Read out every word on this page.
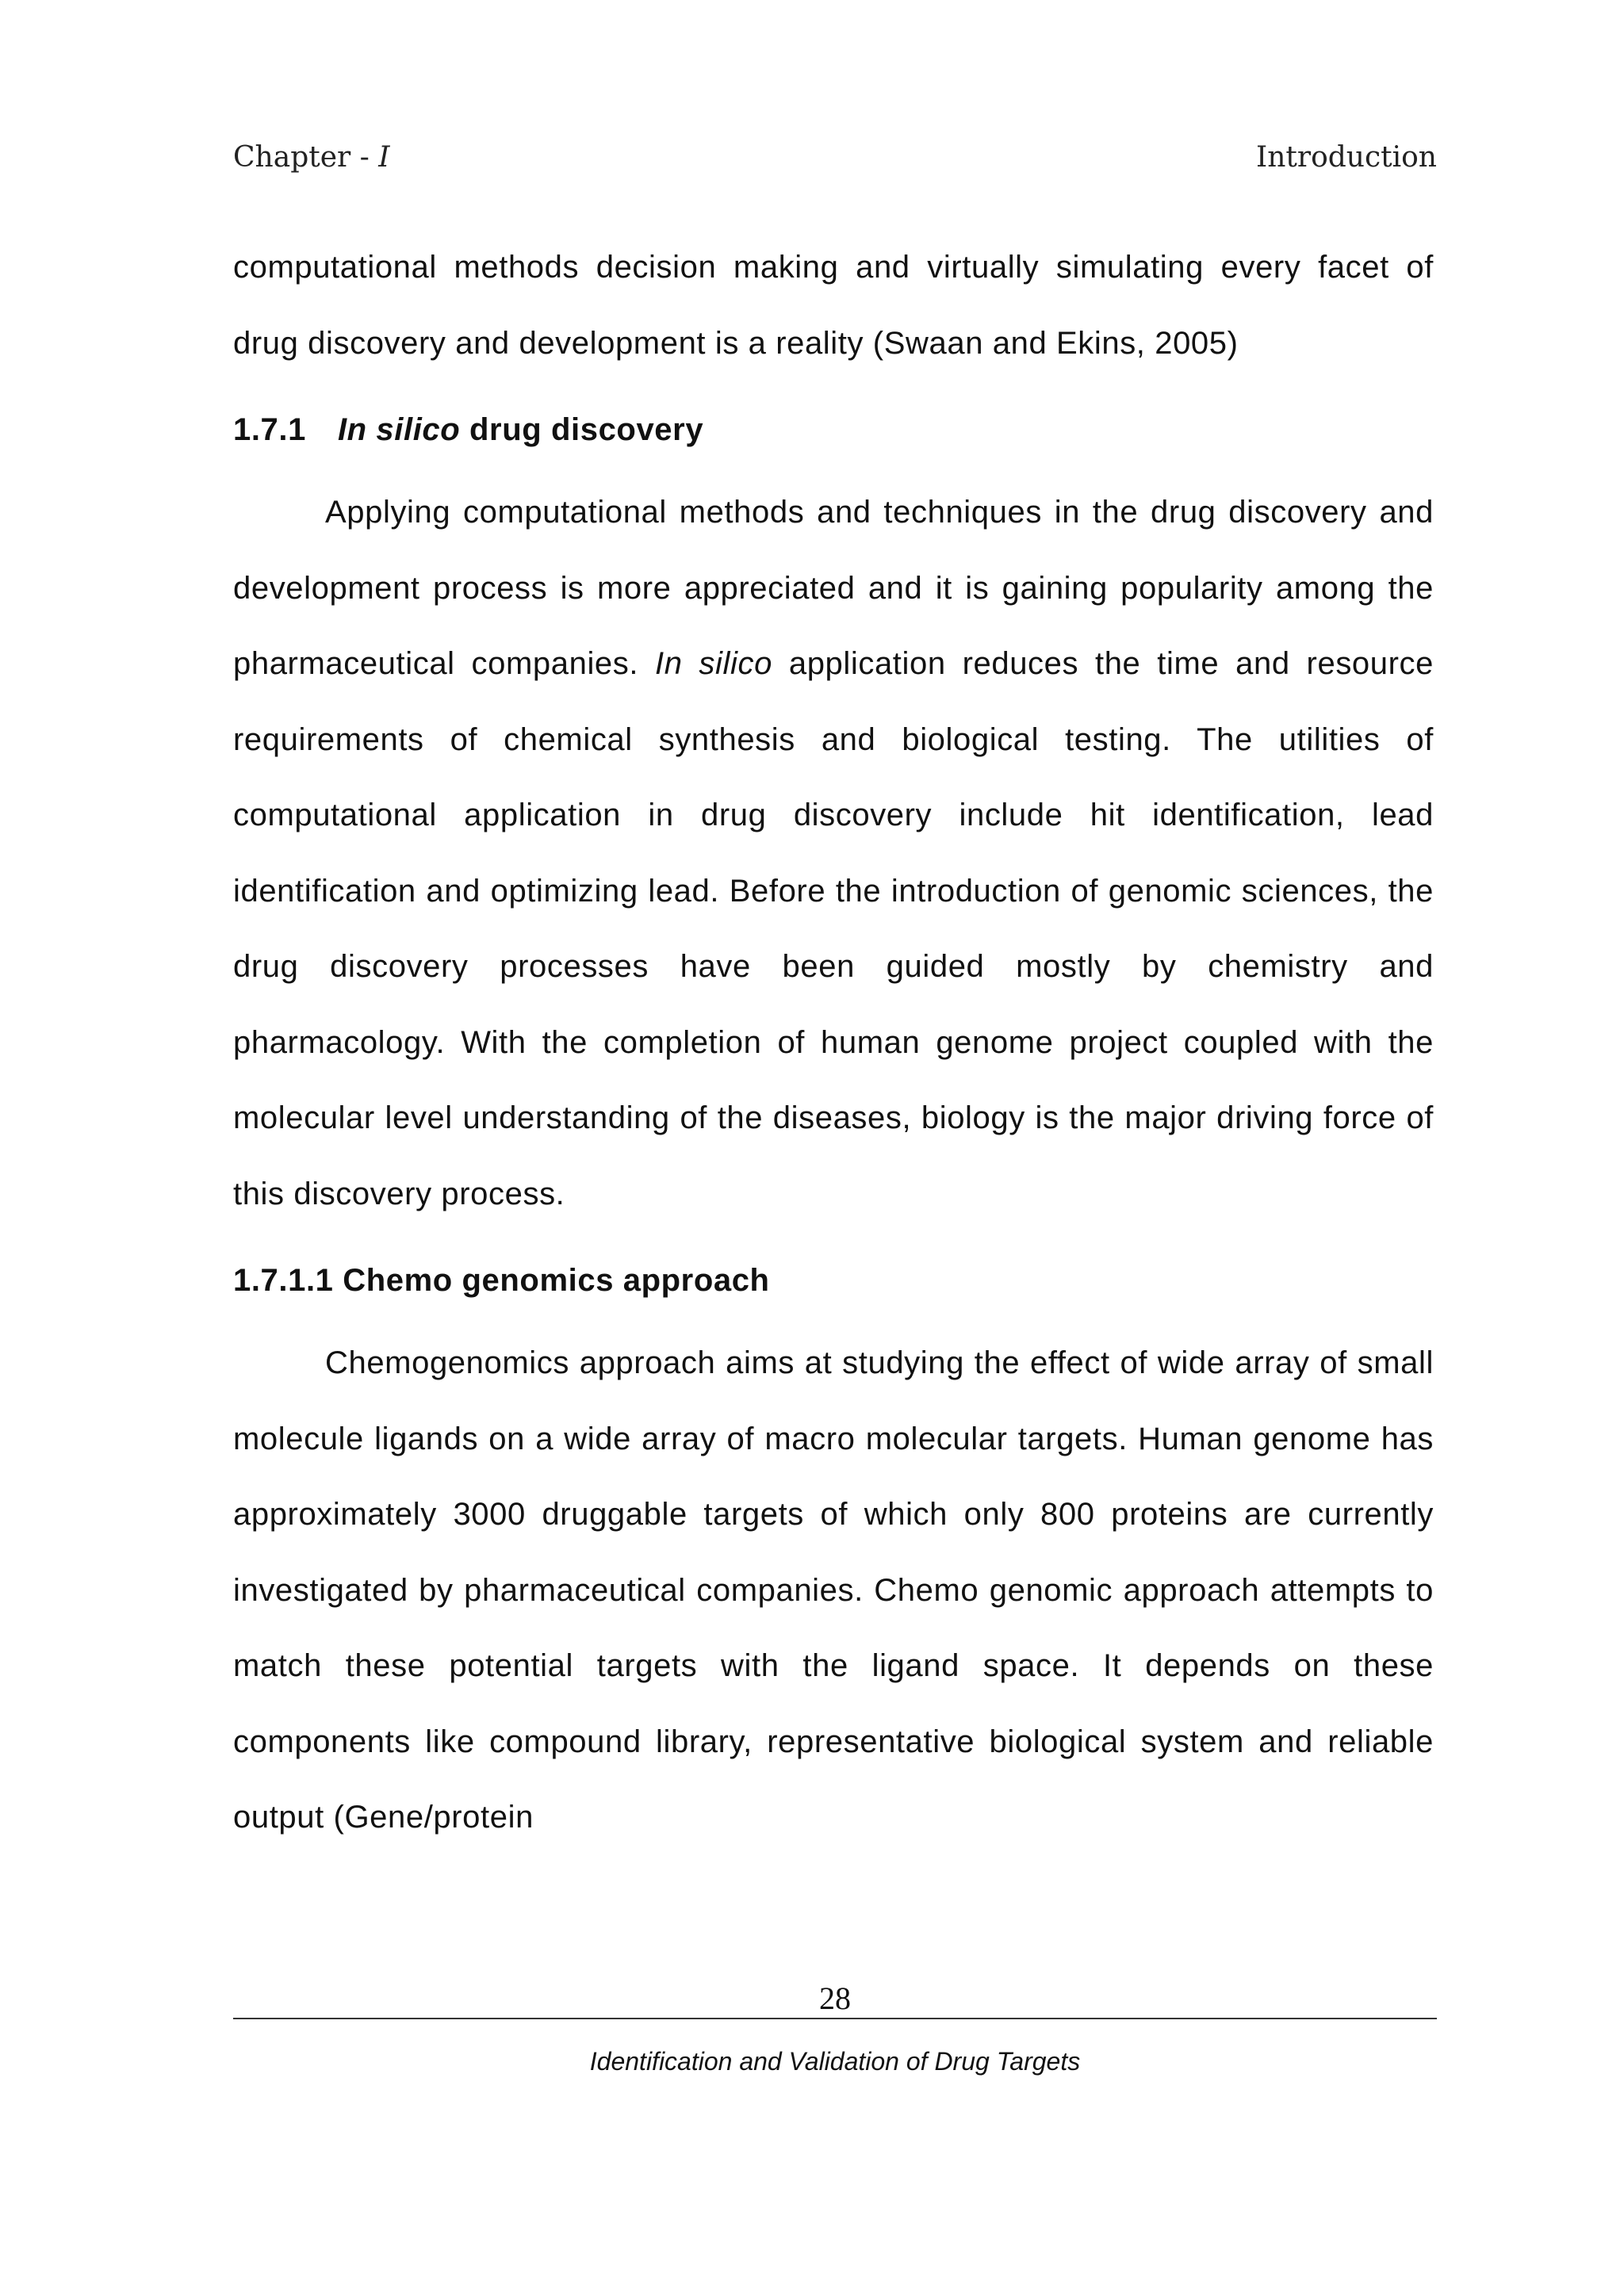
Chapter - I	Introduction

computational methods decision making and virtually simulating every facet of drug discovery and development is a reality (Swaan and Ekins, 2005)

1.7.1 In silico drug discovery

Applying computational methods and techniques in the drug discovery and development process is more appreciated and it is gaining popularity among the pharmaceutical companies. In silico application reduces the time and resource requirements of chemical synthesis and biological testing. The utilities of computational application in drug discovery include hit identification, lead identification and optimizing lead. Before the introduction of genomic sciences, the drug discovery processes have been guided mostly by chemistry and pharmacology. With the completion of human genome project coupled with the molecular level understanding of the diseases, biology is the major driving force of this discovery process.

1.7.1.1 Chemo genomics approach

Chemogenomics approach aims at studying the effect of wide array of small molecule ligands on a wide array of macro molecular targets. Human genome has approximately 3000 druggable targets of which only 800 proteins are currently investigated by pharmaceutical companies. Chemo genomic approach attempts to match these potential targets with the ligand space. It depends on these components like compound library, representative biological system and reliable output (Gene/protein

28
Identification and Validation of Drug Targets
